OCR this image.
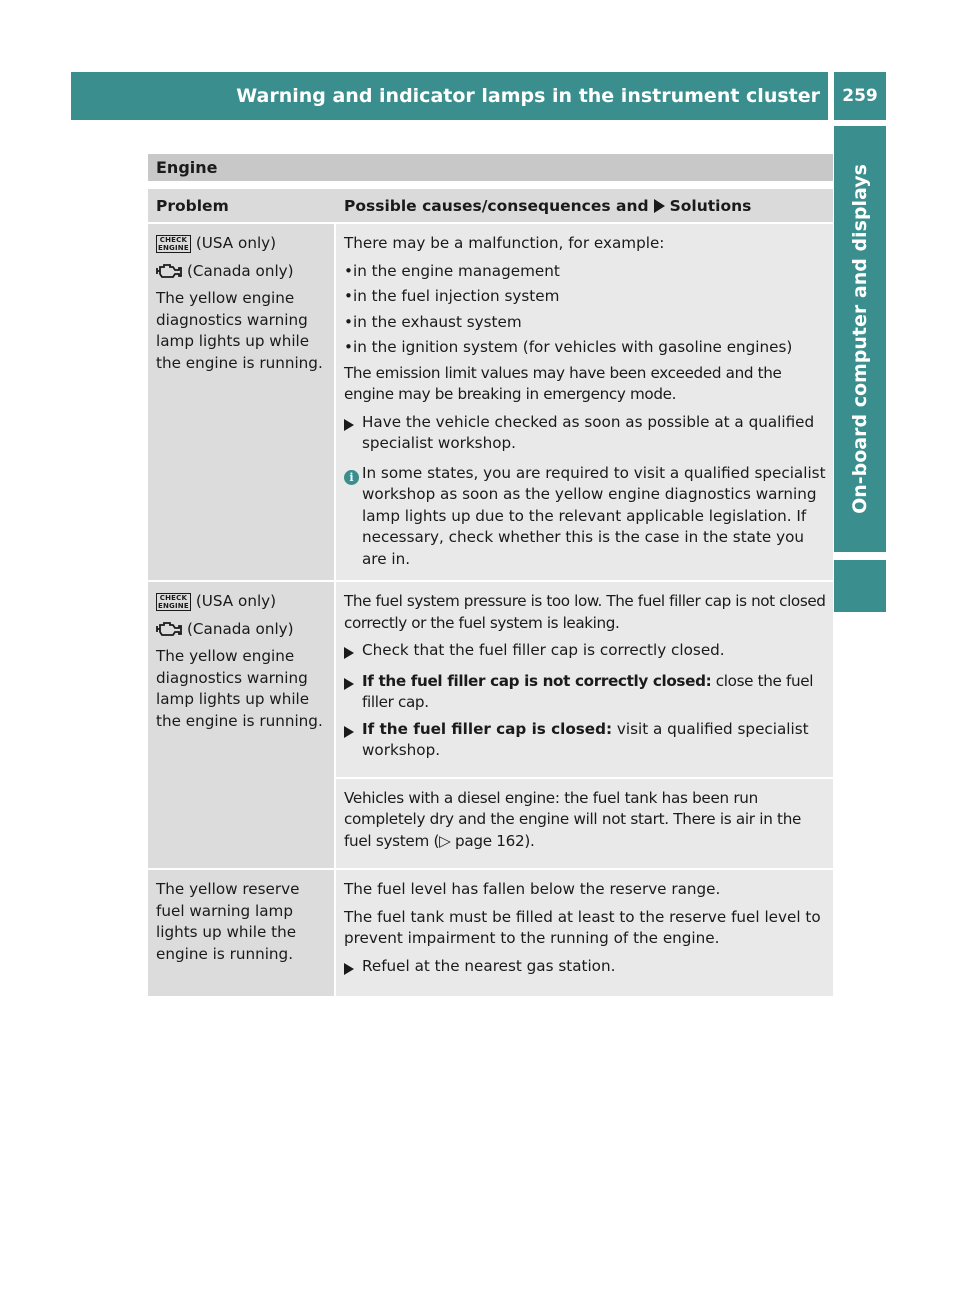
Warning and indicator lamps in the instrument cluster	259
On-board computer and displays
Engine
Problem	Possible causes/consequences and Solutions

CHECK
ENGINE (USA only)

(Canada only)

The yellow engine diagnostics warning lamp lights up while the engine is running.

There may be a malfunction, for example:

• in the engine management
• in the fuel injection system
• in the exhaust system
• in the ignition system (for vehicles with gasoline engines)

The emission limit values may have been exceeded and the engine may be breaking in emergency mode.

Have the vehicle checked as soon as possible at a qualified specialist workshop.
i In some states, you are required to visit a qualified specialist workshop as soon as the yellow engine diagnostics warning lamp lights up due to the relevant applicable legislation. If necessary, check whether this is the case in the state you are in.

CHECK
ENGINE (USA only)

(Canada only)

The yellow engine diagnostics warning lamp lights up while the engine is running.

The fuel system pressure is too low. The fuel filler cap is not closed correctly or the fuel system is leaking.

Check that the fuel filler cap is correctly closed.
If the fuel filler cap is not correctly closed: close the fuel filler cap.
If the fuel filler cap is closed: visit a qualified specialist workshop.

Vehicles with a diesel engine: the fuel tank has been run completely dry and the engine will not start. There is air in the fuel system (▷ page 162).

The yellow reserve fuel warning lamp lights up while the engine is running.

The fuel level has fallen below the reserve range.

The fuel tank must be filled at least to the reserve fuel level to prevent impairment to the running of the engine.

Refuel at the nearest gas station.
